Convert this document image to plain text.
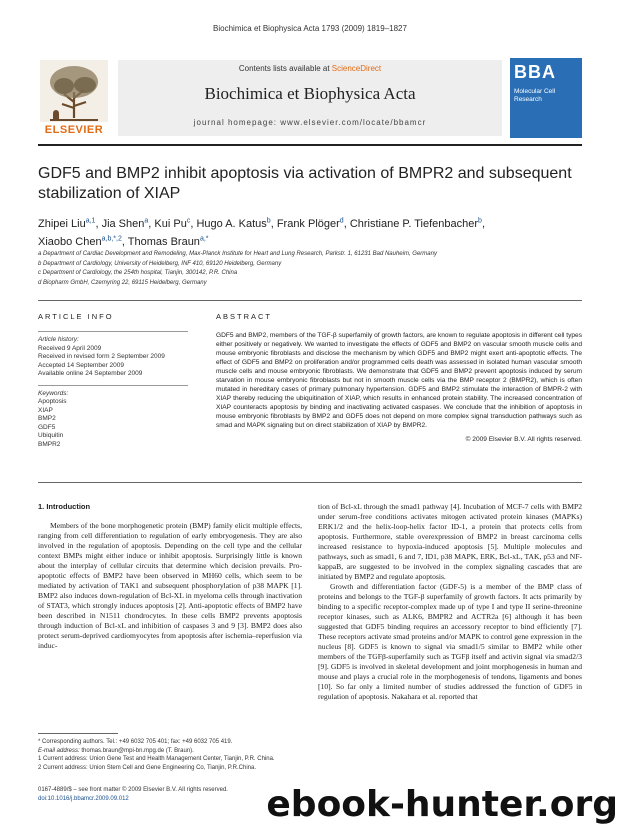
Biochimica et Biophysica Acta 1793 (2009) 1819–1827
ELSEVIER
Contents lists available at ScienceDirect
Biochimica et Biophysica Acta
journal homepage: www.elsevier.com/locate/bbamcr
BBA
Molecular Cell Research
GDF5 and BMP2 inhibit apoptosis via activation of BMPR2 and subsequent stabilization of XIAP
Zhipei Liu$^{a,1}$, Jia Shen$^a$, Kui Pu$^c$, Hugo A. Katus$^b$, Frank Plöger$^d$, Christiane P. Tiefenbacher$^b$,
Xiaobo Chen$^{a,b,*,2}$, Thomas Braun$^{a,*}$
a Department of Cardiac Development and Remodeling, Max-Planck Institute for Heart and Lung Research, Parkstr. 1, 61231 Bad Nauheim, Germany
b Department of Cardiology, University of Heidelberg, INF 410, 69120 Heidelberg, Germany
c Department of Cardiology, the 254th hospital, Tianjin, 300142, P.R. China
d Biopharm GmbH, Czernyring 22, 69115 Heidelberg, Germany
ARTICLE INFO
Article history:
Received 9 April 2009
Received in revised form 2 September 2009
Accepted 14 September 2009
Available online 24 September 2009
Keywords:
Apoptosis
XIAP
BMP2
GDF5
Ubiquitin
BMPR2
ABSTRACT
GDF5 and BMP2, members of the TGF-β superfamily of growth factors, are known to regulate apoptosis in different cell types either positively or negatively. We wanted to investigate the effects of GDF5 and BMP2 on vascular smooth muscle cells and mouse embryonic fibroblasts and disclose the mechanism by which GDF5 and BMP2 might exert anti-apoptotic effects. The effect of GDF5 and BMP2 on proliferation and/or programmed cells death was assessed in isolated human vascular smooth muscle cells and mouse embryonic fibroblasts. We demonstrate that GDF5 and BMP2 prevent apoptosis induced by serum starvation in mouse embryonic fibroblasts but not in smooth muscle cells via the BMP receptor 2 (BMPR2), which is often mutated in hereditary cases of primary pulmonary hypertension. GDF5 and BMP2 stimulate the interaction of BMPR-2 with XIAP thereby reducing the ubiquitination of XIAP, which results in enhanced protein stability. The increased concentration of XIAP counteracts apoptosis by binding and inactivating activated caspases. We conclude that the inhibition of apoptosis in mouse embryonic fibroblasts by BMP2 and GDF5 does not depend on more complex signal transduction pathways such as smad and MAPK signaling but on direct stabilization of XIAP by BMPR2.
© 2009 Elsevier B.V. All rights reserved.
1. Introduction

Members of the bone morphogenetic protein (BMP) family elicit multiple effects, ranging from cell differentiation to regulation of early embryogenesis. They are also involved in the regulation of apoptosis. Depending on the cell type and the cellular context BMPs might either induce or inhibit apoptosis. Surprisingly little is known about the interplay of cellular circuits that determine which decision prevails. Pro-apoptotic effects of BMP2 have been observed in MH60 cells, which seem to be mediated by activation of TAK1 and subsequent phosphorylation of p38 MAPK [1]. BMP2 also induces down-regulation of Bcl-XL in myeloma cells through inactivation of STAT3, which strongly induces apoptosis [2]. Anti-apoptotic effects of BMP2 have been described in N1511 chondrocytes. In these cells BMP2 prevents apoptosis through induction of Bcl-xL and inhibition of caspases 3 and 9 [3]. BMP2 does also protect serum-deprived cardiomyocytes from apoptosis after ischemia–reperfusion via induc-

tion of Bcl-xL through the smad1 pathway [4]. Incubation of MCF-7 cells with BMP2 under serum-free conditions activates mitogen activated protein kinases (MAPKs) ERK1/2 and the helix-loop-helix factor ID-1, a protein that protects cells from apoptosis. Furthermore, stable overexpression of BMP2 in breast carcinoma cells increased resistance to hypoxia-induced apoptosis [5]. Multiple molecules and pathways, such as smad1, 6 and 7, ID1, p38 MAPK, ERK, Bcl-xL, TAK, p53 and NF-kappaB, are suggested to be involved in the complex signaling cascades that are initiated by BMP2 and regulate apoptosis.

Growth and differentiation factor (GDF-5) is a member of the BMP class of proteins and belongs to the TGF-β superfamily of growth factors. It acts primarily by binding to a specific receptor-complex made up of type I and type II serine-threonine receptor kinases, such as ALK6, BMPR2 and ACTR2a [6] although it has been suggested that GDF5 binding requires an accessory receptor to bind efficiently [7]. These receptors activate smad proteins and/or MAPK to control gene expression in the nucleus [8]. GDF5 is known to signal via smad1/5 similar to BMP2 while other members of the TGFβ-superfamily such as TGFβ itself and activin signal via smad2/3 [9]. GDF5 is involved in skeletal development and joint morphogenesis in human and mouse and plays a crucial role in the morphogenesis of tendons, ligaments and bones [10]. So far only a limited number of studies addressed the function of GDF5 in regulation of apoptosis. Nakahara et al. reported that

* Corresponding authors. Tel.: +49 6032 705 401; fax: +49 6032 705 419.
E-mail address: thomas.braun@mpi-bn.mpg.de (T. Braun).
1 Current address: Union Gene Test and Health Management Center, Tianjin, P.R. China.
2 Current address: Union Stem Cell and Gene Engineering Co, Tianjin, P.R.China.
0167-4889/$ – see front matter © 2009 Elsevier B.V. All rights reserved.
doi:10.1016/j.bbamcr.2009.09.012	ebook-hunter.org
